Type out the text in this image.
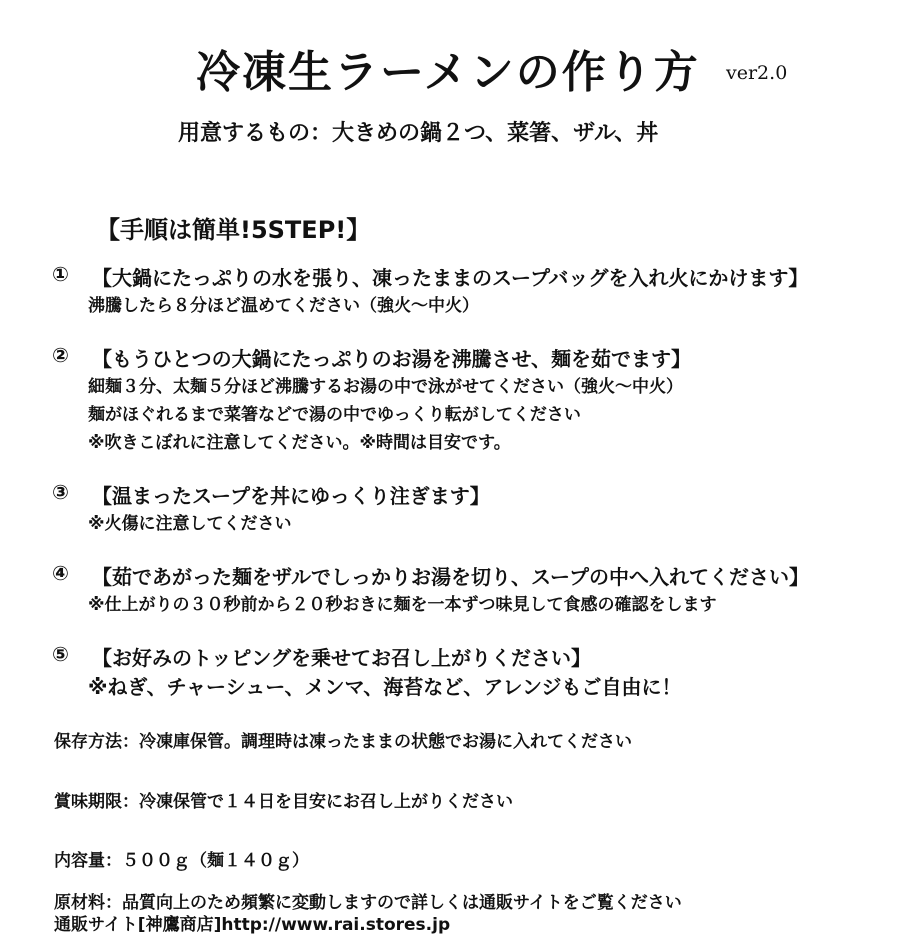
冷凍生ラーメンの作り方 ver2.0
用意するもの：大きめの鍋２つ、菜箸、ザル、丼
【手順は簡単!5STEP!】
① 【大鍋にたっぷりの水を張り、凍ったままのスープバッグを入れ火にかけます】
沸騰したら８分ほど温めてください（強火～中火）
② 【もうひとつの大鍋にたっぷりのお湯を沸騰させ、麺を茹でます】
細麺３分、太麺５分ほど沸騰するお湯の中で泳がせてください（強火～中火）
麺がほぐれるまで菜箸などで湯の中でゆっくり転がしてください
※吹きこぼれに注意してください。※時間は目安です。
③ 【温まったスープを丼にゆっくり注ぎます】
※火傷に注意してください
④ 【茹であがった麺をザルでしっかりお湯を切り、スープの中へ入れてください】
※仕上がりの３０秒前から２０秒おきに麺を一本ずつ味見して食感の確認をします
⑤ 【お好みのトッピングを乗せてお召し上がりください】
※ねぎ、チャーシュー、メンマ、海苔など、アレンジもご自由に！
保存方法：冷凍庫保管。調理時は凍ったままの状態でお湯に入れてください
賞味期限：冷凍保管で１４日を目安にお召し上がりください
内容量：５００ｇ（麺１４０ｇ）
原材料：品質向上のため頻繁に変動しますので詳しくは通販サイトをご覧ください
通販サイト[神鷹商店]http://www.rai.stores.jp
